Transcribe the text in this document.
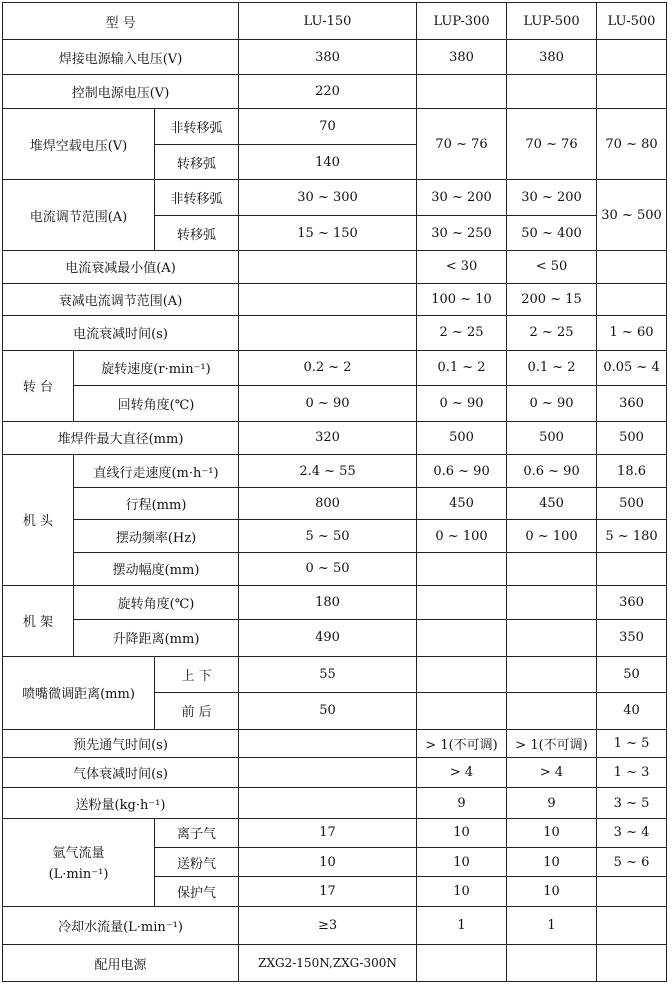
型 号			LU-150	LUP-300	LUP-500	LU-500
焊接电源输入电压(V)			380	380	380	
控制电源电压(V)			220			
堆焊空载电压(V)		非转移弧	70	70 ~ 76	70 ~ 76	70 ~ 80
		转移弧	140			
电流调节范围(A)		非转移弧	30 ~ 300	30 ~ 200	30 ~ 200	30 ~ 500
		转移弧	15 ~ 150	30 ~ 250	50 ~ 400	
电流衰减最小值(A)				< 30	< 50	
衰减电流调节范围(A)				100 ~ 10	200 ~ 15	
电流衰减时间(s)				2 ~ 25	2 ~ 25	1 ~ 60
转 台	旋转速度(r·min⁻¹)		0.2 ~ 2	0.1 ~ 2	0.1 ~ 2	0.05 ~ 4
	回转角度(℃)		0 ~ 90	0 ~ 90	0 ~ 90	360
堆焊件最大直径(mm)			320	500	500	500
机 头	直线行走速度(m·h⁻¹)		2.4 ~ 55	0.6 ~ 90	0.6 ~ 90	18.6
	行程(mm)		800	450	450	500
	摆动频率(Hz)		5 ~ 50	0 ~ 100	0 ~ 100	5 ~ 180
	摆动幅度(mm)		0 ~ 50			
机 架	旋转角度(℃)		180			360
	升降距离(mm)		490			350
喷嘴微调距离(mm)		上 下	55			50
		前 后	50			40
预先通气时间(s)				> 1(不可调)	> 1(不可调)	1 ~ 5
气体衰减时间(s)				> 4	> 4	1 ~ 3
送粉量(kg·h⁻¹)				9	9	3 ~ 5

氩气流量
(L·min⁻¹)		离子气	17	10	10	3 ~ 4
		送粉气	10	10	10	5 ~ 6
		保护气	17	10	10	
冷却水流量(L·min⁻¹)			≥3	1	1	
配用电源			ZXG2-150N,ZXG-300N			
